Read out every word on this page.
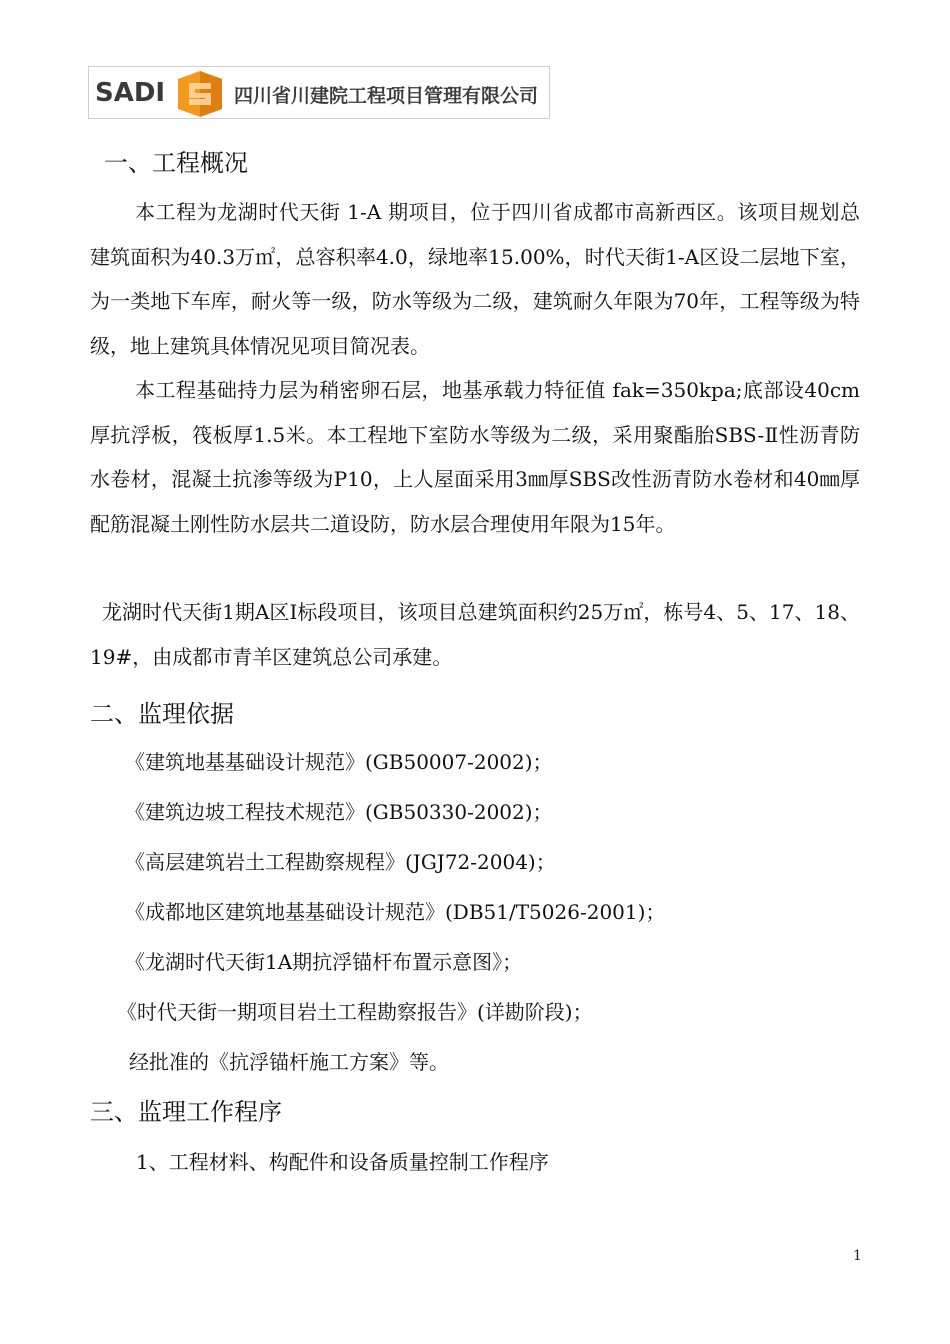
SADI	四川省川建院工程项目管理有限公司
一、工程概况
本工程为龙湖时代天街 1-A 期项目，位于四川省成都市高新西区。该项目规划总建筑面积为40.3万㎡，总容积率4.0，绿地率15.00%，时代天街1-A区设二层地下室，为一类地下车库，耐火等一级，防水等级为二级，建筑耐久年限为70年，工程等级为特级，地上建筑具体情况见项目简况表。
本工程基础持力层为稍密卵石层，地基承载力特征值 fak=350kpa;底部设40cm厚抗浮板，筏板厚1.5米。本工程地下室防水等级为二级，采用聚酯胎SBS-Ⅱ性沥青防水卷材，混凝土抗渗等级为P10，上人屋面采用3㎜厚SBS改性沥青防水卷材和40㎜厚配筋混凝土刚性防水层共二道设防，防水层合理使用年限为15年。
龙湖时代天街1期A区Ⅰ标段项目，该项目总建筑面积约25万㎡，栋号4、5、17、18、19#，由成都市青羊区建筑总公司承建。
二、监理依据
《建筑地基基础设计规范》(GB50007-2002)；
《建筑边坡工程技术规范》(GB50330-2002)；
《高层建筑岩土工程勘察规程》(JGJ72-2004)；
《成都地区建筑地基基础设计规范》(DB51/T5026-2001)；
《龙湖时代天街1A期抗浮锚杆布置示意图》；
《时代天街一期项目岩土工程勘察报告》(详勘阶段)；
经批准的《抗浮锚杆施工方案》等。
三、监理工作程序
1、工程材料、构配件和设备质量控制工作程序
1
